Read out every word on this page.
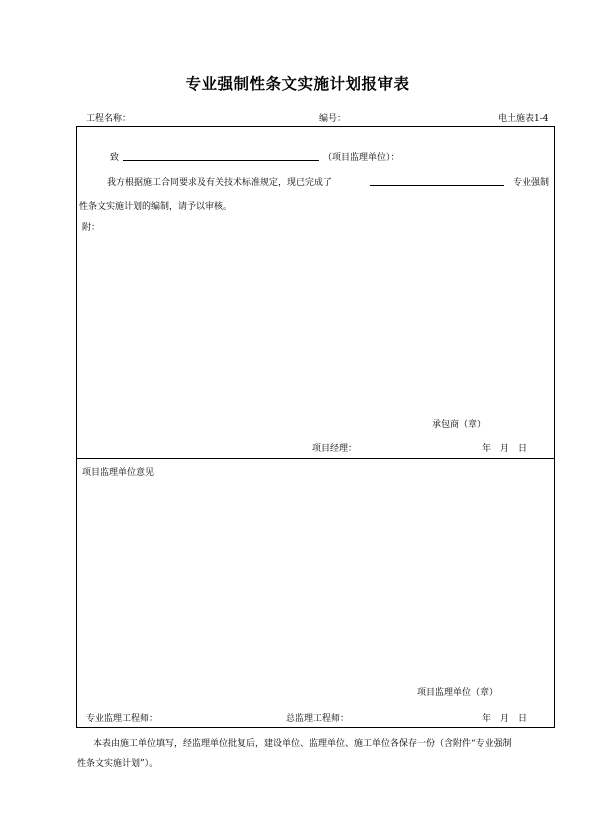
专业强制性条文实施计划报审表
工程名称：	编号：	电土施表1-4
致	（项目监理单位）：
我方根据施工合同要求及有关技术标准规定，现已完成了	专业强制
性条文实施计划的编制，请予以审核。
附：
承包商（章）
项目经理：	年　月　日
项目监理单位意见
项目监理单位（章）
专业监理工程师：	总监理工程师：	年　月　日
本表由施工单位填写，经监理单位批复后，建设单位、监理单位、施工单位各保存一份（含附件“专业强制
性条文实施计划”）。
